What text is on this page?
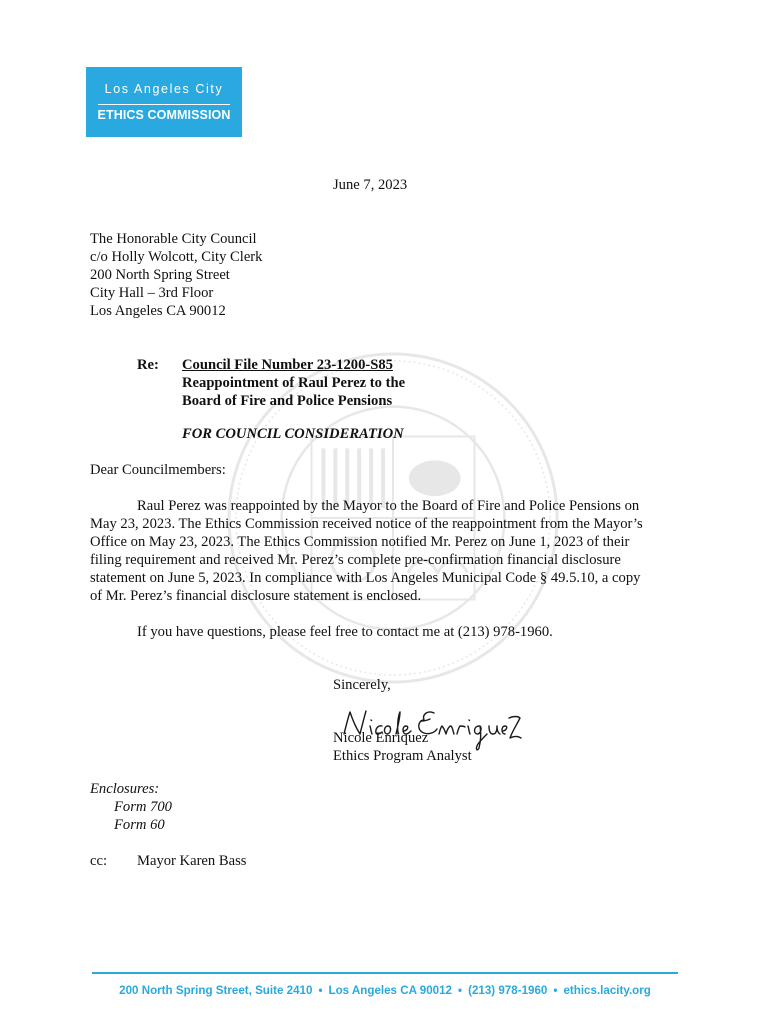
Los Angeles City
ETHICS COMMISSION
June 7, 2023
The Honorable City Council
c/o Holly Wolcott, City Clerk
200 North Spring Street
City Hall – 3rd Floor
Los Angeles CA 90012
Re: Council File Number 23-1200-S85
Reappointment of Raul Perez to the
Board of Fire and Police Pensions
FOR COUNCIL CONSIDERATION
Dear Councilmembers:
Raul Perez was reappointed by the Mayor to the Board of Fire and Police Pensions on
May 23, 2023. The Ethics Commission received notice of the reappointment from the Mayor’s
Office on May 23, 2023. The Ethics Commission notified Mr. Perez on June 1, 2023 of their
filing requirement and received Mr. Perez’s complete pre-confirmation financial disclosure
statement on June 5, 2023. In compliance with Los Angeles Municipal Code § 49.5.10, a copy
of Mr. Perez’s financial disclosure statement is enclosed.
If you have questions, please feel free to contact me at (213) 978-1960.
Sincerely,
Nicole Enriquez
Ethics Program Analyst
Enclosures:
Form 700
Form 60
cc: Mayor Karen Bass
200 North Spring Street, Suite 2410 • Los Angeles CA 90012 • (213) 978-1960 • ethics.lacity.org
